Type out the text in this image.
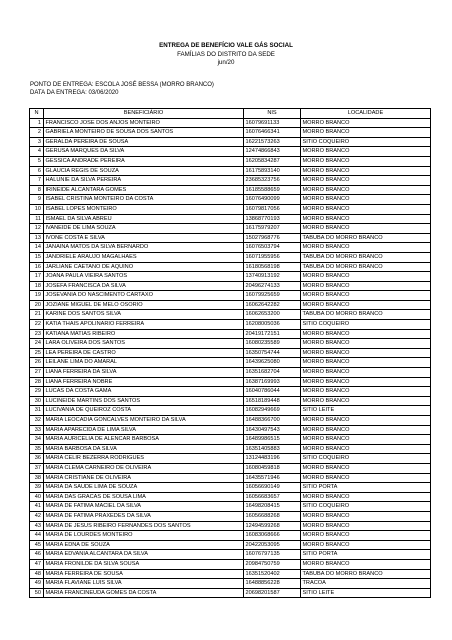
ENTREGA DE BENEFÍCIO VALE GÁS SOCIAL
FAMÍLIAS DO DISTRITO DA SEDE
jun/20
PONTO DE ENTREGA: ESCOLA JOSÉ BESSA (MORRO BRANCO)
DATA DA ENTREGA: 03/06/2020
N	BENEFICIÁRIO	NIS	LOCALIDADE
1	FRANCISCO JOSE DOS ANJOS MONTEIRO	16079691133	MORRO BRANCO
2	GABRIELA MONTEIRO DE SOUSA DOS SANTOS	16076466341	MORRO BRANCO
3	GERALDA PEREIRA DE SOUSA	16221573263	SITIO COQUEIRO
4	GERUSA MARQUES DA SILVA	12474866843	MORRO BRANCO
5	GESSICA ANDRADE PEREIRA	16205834287	MORRO BRANCO
6	GLAUCIA REGIS DE SOUZA	16175893140	MORRO BRANCO
7	HALUNIE DA SILVA PEREIRA	23685323756	MORRO BRANCO
8	IRINEIDE ALCANTARA GOMES	16185588659	MORRO BRANCO
9	ISABEL CRISTINA MONTEIRO DA COSTA	16076490099	MORRO BRANCO
10	ISABEL LOPES MONTEIRO	16079817056	MORRO BRANCO
11	ISMAEL DA SILVA ABREU	13868770193	MORRO BRANCO
12	IVANEIDE DE LIMA SOUZA	16175979207	MORRO BRANCO
13	IVONE COSTA E SILVA	15027968776	TABUBA DO MORRO BRANCO
14	JANAINA MATOS DA SILVA BERNARDO	16076503794	MORRO BRANCO
15	JANDRIELE ARAUJO MAGALHAES	16071955956	TABUBA DO MORRO BRANCO
16	JARLIANE CAETANO DE AQUINO	16180568198	TABUBA DO MORRO BRANCO
17	JOANA PAULA VIEIRA SANTOS	13740913192	MORRO BRANCO
18	JOSEFA FRANCISCA DA SILVA	20496274133	MORRO BRANCO
19	JOSEVANIA DO NASCIMENTO CARTAXO	16079925659	MORRO BRANCO
20	JOZIANE MIGUEL DE MELO OSORIO	16062642282	MORRO BRANCO
21	KARINE DOS SANTOS SILVA	16062653200	TABUBA DO MORRO BRANCO
22	KATIA THAIS APOLINARIO FERREIRA	16208005036	SITIO COQUEIRO
23	KATIANA MATIAS RIBEIRO	20419172151	MORRO BRANCO
24	LARA OLIVEIRA DOS SANTOS	16080235589	MORRO BRANCO
25	LEA PEREIRA DE CASTRO	16350754744	MORRO BRANCO
26	LEILANE LIMA DO AMARAL	16439625080	MORRO BRANCO
27	LIANA FERREIRA DA SILVA	16351682704	MORRO BRANCO
28	LIANA FERREIRA NOBRE	16387169993	MORRO BRANCO
29	LUCAS DA COSTA GAMA	16040786044	MORRO BRANCO
30	LUCINEIDE MARTINS DOS SANTOS	16518189448	MORRO BRANCO
31	LUCIVANIA DE QUEIROZ COSTA	16082949669	SITIO LEITE
32	MARIA LEOCADIA GONCALVES MONTEIRO DA SILVA	16488366700	MORRO BRANCO
33	MARIA APARECIDA DE LIMA SILVA	16430497543	MORRO BRANCO
34	MARIA AURICELIA DE ALENCAR BARBOSA	16489986515	MORRO BRANCO
35	MARIA BARBOSA DA SILVA	16351405883	MORRO BRANCO
36	MARIA CELIR BEZERRA RODRIGUES	13124483196	SITIO COQUEIRO
37	MARIA CLEMA CARNEIRO DE OLIVEIRA	16080459818	MORRO BRANCO
38	MARIA CRISTIANE DE OLIVEIRA	16435571946	MORRO BRANCO
39	MARIA DA SAUDE LIMA DE SOUZA	16056690149	SITIO PORTA
40	MARIA DAS GRACAS DE SOUSA LIMA	16056683657	MORRO BRANCO
41	MARIA DE FATIMA MACIEL DA SILVA	16498208415	SITIO COQUEIRO
42	MARIA DE FATIMA PRAXEDES DA SILVA	16056688268	MORRO BRANCO
43	MARIA DE JESUS RIBEIRO FERNANDES DOS SANTOS	12494599268	MORRO BRANCO
44	MARIA DE LOURDES MONTEIRO	16083068666	MORRO BRANCO
45	MARIA EDNA DE SOUZA	20422053095	MORRO BRANCO
46	MARIA EDVANIA ALCANTARA DA SILVA	16076797135	SITIO PORTA
47	MARIA FRONILDE DA SILVA SOUSA	20984750759	MORRO BRANCO
48	MARIA FERREIRA DE SOUSA	16351520402	TABUBA DO MORRO BRANCO
49	MARIA FLAVIANE LUIS SILVA	16488856228	TRACOA
50	MARIA FRANCINEUDA GOMES DA COSTA	20698201587	SITIO LEITE
